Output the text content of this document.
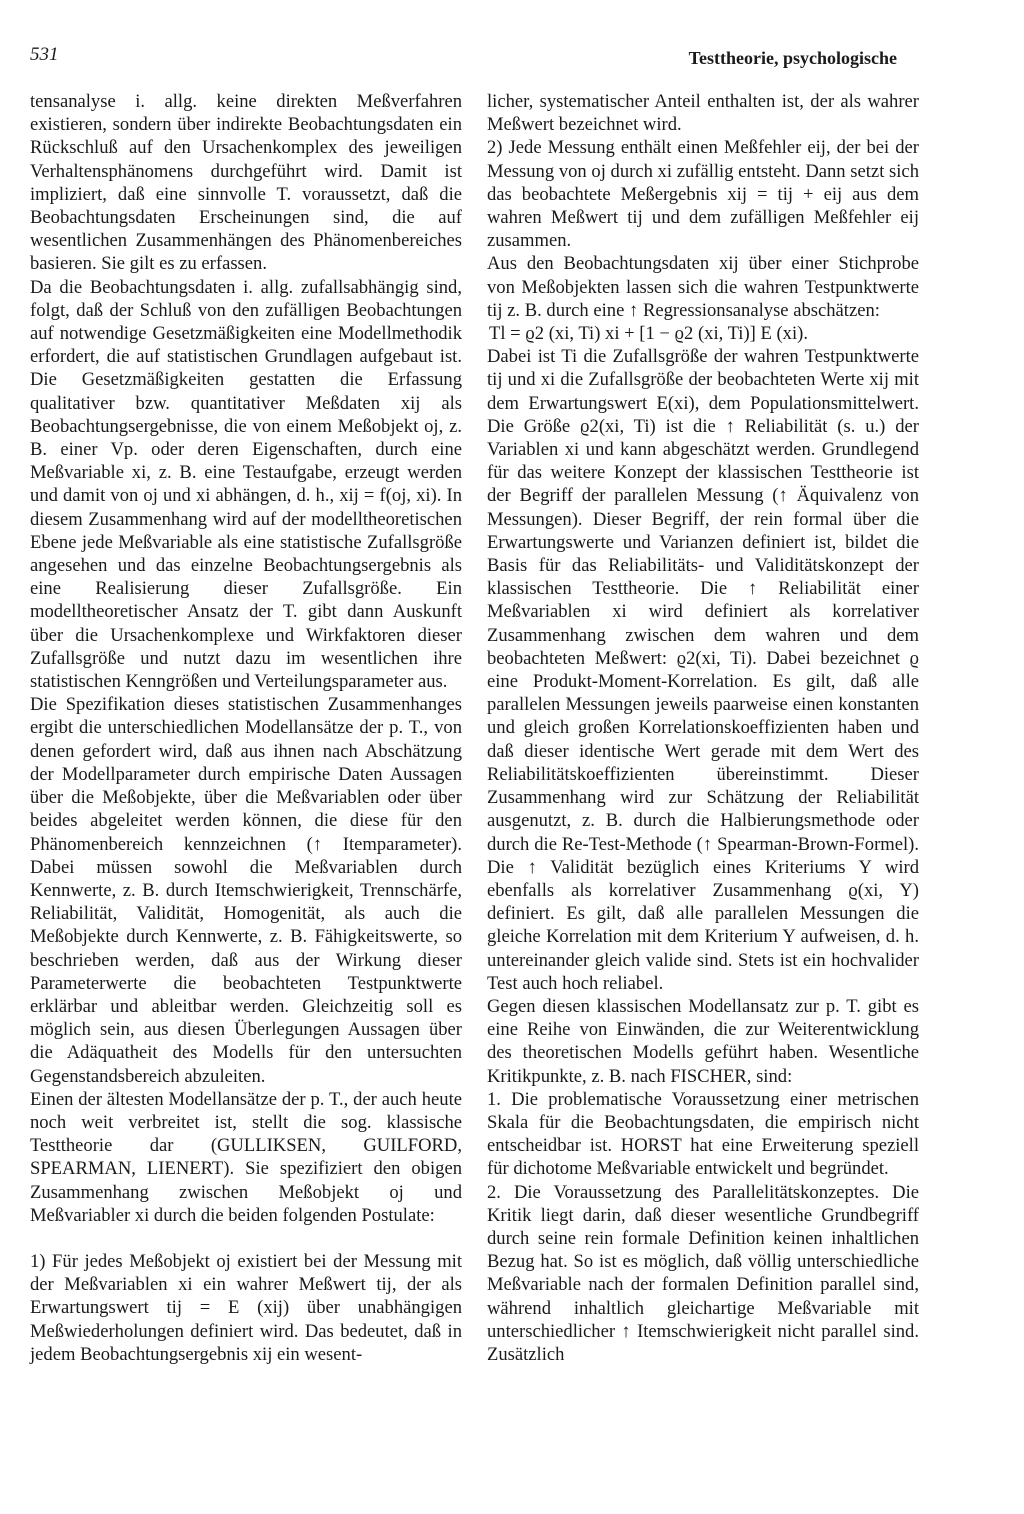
531	Testtheorie, psychologische

tensanalyse i. allg. keine direkten Meßverfahren existieren, sondern über indirekte Beobachtungsdaten ein Rückschluß auf den Ursachenkomplex des jeweiligen Verhaltensphänomens durchgeführt wird. Damit ist impliziert, daß eine sinnvolle T. voraussetzt, daß die Beobachtungsdaten Erscheinungen sind, die auf wesentlichen Zusammenhängen des Phänomenbereiches basieren. Sie gilt es zu erfassen.

Da die Beobachtungsdaten i. allg. zufallsabhängig sind, folgt, daß der Schluß von den zufälligen Beobachtungen auf notwendige Gesetzmäßigkeiten eine Modellmethodik erfordert, die auf statistischen Grundlagen aufgebaut ist. Die Gesetzmäßigkeiten gestatten die Erfassung qualitativer bzw. quantitativer Meßdaten xij als Beobachtungsergebnisse, die von einem Meßobjekt oj, z. B. einer Vp. oder deren Eigenschaften, durch eine Meßvariable xi, z. B. eine Testaufgabe, erzeugt werden und damit von oj und xi abhängen, d. h., xij = f(oj, xi). In diesem Zusammenhang wird auf der modelltheoretischen Ebene jede Meßvariable als eine statistische Zufallsgröße angesehen und das einzelne Beobachtungsergebnis als eine Realisierung dieser Zufallsgröße. Ein modelltheoretischer Ansatz der T. gibt dann Auskunft über die Ursachenkomplexe und Wirkfaktoren dieser Zufallsgröße und nutzt dazu im wesentlichen ihre statistischen Kenngrößen und Verteilungsparameter aus.

Die Spezifikation dieses statistischen Zusammenhanges ergibt die unterschiedlichen Modellansätze der p. T., von denen gefordert wird, daß aus ihnen nach Abschätzung der Modellparameter durch empirische Daten Aussagen über die Meßobjekte, über die Meßvariablen oder über beides abgeleitet werden können, die diese für den Phänomenbereich kennzeichnen (↑ Itemparameter). Dabei müssen sowohl die Meßvariablen durch Kennwerte, z. B. durch Itemschwierigkeit, Trennschärfe, Reliabilität, Validität, Homogenität, als auch die Meßobjekte durch Kennwerte, z. B. Fähigkeitswerte, so beschrieben werden, daß aus der Wirkung dieser Parameterwerte die beobachteten Testpunktwerte erklärbar und ableitbar werden. Gleichzeitig soll es möglich sein, aus diesen Überlegungen Aussagen über die Adäquatheit des Modells für den untersuchten Gegenstandsbereich abzuleiten.

Einen der ältesten Modellansätze der p. T., der auch heute noch weit verbreitet ist, stellt die sog. klassische Testtheorie dar (GULLIKSEN, GUILFORD, SPEARMAN, LIENERT). Sie spezifiziert den obigen Zusammenhang zwischen Meßobjekt oj und Meßvariabler xi durch die beiden folgenden Postulate:

1) Für jedes Meßobjekt oj existiert bei der Messung mit der Meßvariablen xi ein wahrer Meßwert tij, der als Erwartungswert tij = E (xij) über unabhängigen Meßwiederholungen definiert wird. Das bedeutet, daß in jedem Beobachtungsergebnis xij ein wesent-

licher, systematischer Anteil enthalten ist, der als wahrer Meßwert bezeichnet wird.

2) Jede Messung enthält einen Meßfehler eij, der bei der Messung von oj durch xi zufällig entsteht. Dann setzt sich das beobachtete Meßergebnis xij = tij + eij aus dem wahren Meßwert tij und dem zufälligen Meßfehler eij zusammen.

Aus den Beobachtungsdaten xij über einer Stichprobe von Meßobjekten lassen sich die wahren Testpunktwerte tij z. B. durch eine ↑ Regressionsanalyse abschätzen:

Tl = ϱ2 (xi, Ti) xi + [1 − ϱ2 (xi, Ti)] E (xi).

Dabei ist Ti die Zufallsgröße der wahren Testpunktwerte tij und xi die Zufallsgröße der beobachteten Werte xij mit dem Erwartungswert E(xi), dem Populationsmittelwert. Die Größe ϱ2(xi, Ti) ist die ↑ Reliabilität (s. u.) der Variablen xi und kann abgeschätzt werden. Grundlegend für das weitere Konzept der klassischen Testtheorie ist der Begriff der parallelen Messung (↑ Äquivalenz von Messungen). Dieser Begriff, der rein formal über die Erwartungswerte und Varianzen definiert ist, bildet die Basis für das Reliabilitäts- und Validitätskonzept der klassischen Testtheorie. Die ↑ Reliabilität einer Meßvariablen xi wird definiert als korrelativer Zusammenhang zwischen dem wahren und dem beobachteten Meßwert: ϱ2(xi, Ti). Dabei bezeichnet ϱ eine Produkt-Moment-Korrelation. Es gilt, daß alle parallelen Messungen jeweils paarweise einen konstanten und gleich großen Korrelationskoeffizienten haben und daß dieser identische Wert gerade mit dem Wert des Reliabilitätskoeffizienten übereinstimmt. Dieser Zusammenhang wird zur Schätzung der Reliabilität ausgenutzt, z. B. durch die Halbierungsmethode oder durch die Re-Test-Methode (↑ Spearman-Brown-Formel). Die ↑ Validität bezüglich eines Kriteriums Y wird ebenfalls als korrelativer Zusammenhang ϱ(xi, Y) definiert. Es gilt, daß alle parallelen Messungen die gleiche Korrelation mit dem Kriterium Y aufweisen, d. h. untereinander gleich valide sind. Stets ist ein hochvalider Test auch hoch reliabel.

Gegen diesen klassischen Modellansatz zur p. T. gibt es eine Reihe von Einwänden, die zur Weiterentwicklung des theoretischen Modells geführt haben. Wesentliche Kritikpunkte, z. B. nach FISCHER, sind:

1. Die problematische Voraussetzung einer metrischen Skala für die Beobachtungsdaten, die empirisch nicht entscheidbar ist. HORST hat eine Erweiterung speziell für dichotome Meßvariable entwickelt und begründet.

2. Die Voraussetzung des Parallelitätskonzeptes. Die Kritik liegt darin, daß dieser wesentliche Grundbegriff durch seine rein formale Definition keinen inhaltlichen Bezug hat. So ist es möglich, daß völlig unterschiedliche Meßvariable nach der formalen Definition parallel sind, während inhaltlich gleichartige Meßvariable mit unterschiedlicher ↑ Itemschwierigkeit nicht parallel sind. Zusätzlich
